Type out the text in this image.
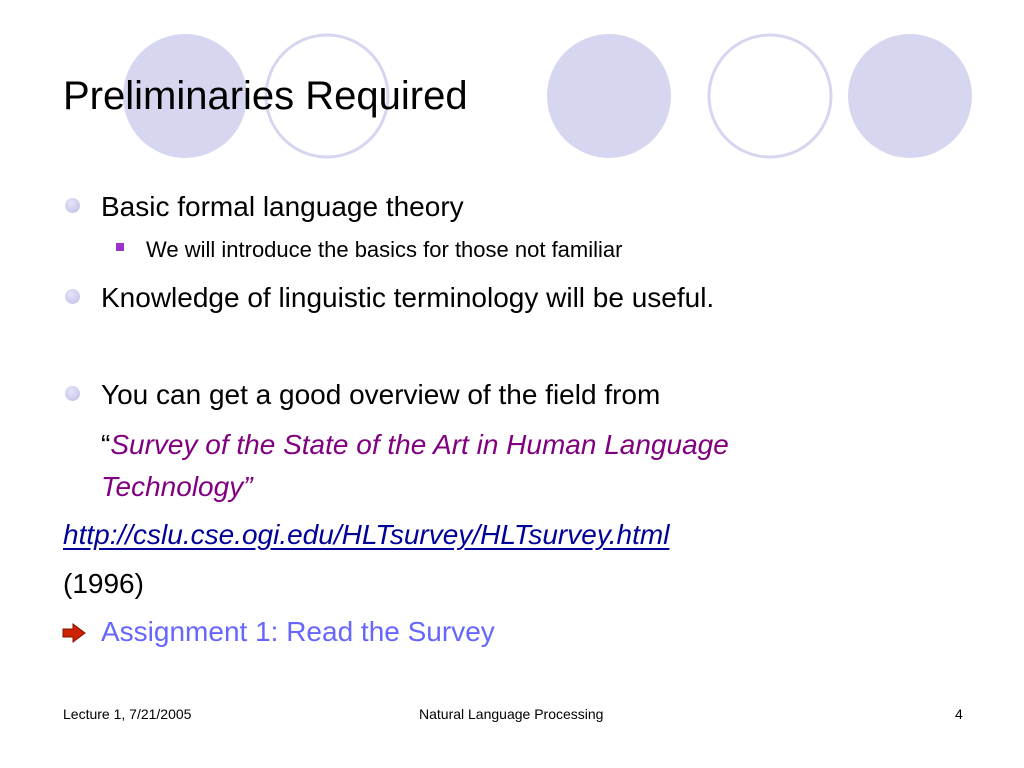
Preliminaries Required
Basic formal language theory
We will introduce the basics for those not familiar
Knowledge of linguistic terminology will be useful.
You can get a good overview of the field from
“Survey of the State of the Art in Human Language
Technology”
http://cslu.cse.ogi.edu/HLTsurvey/HLTsurvey.html
(1996)
Assignment 1: Read the Survey
Lecture 1, 7/21/2005	Natural Language Processing	4
